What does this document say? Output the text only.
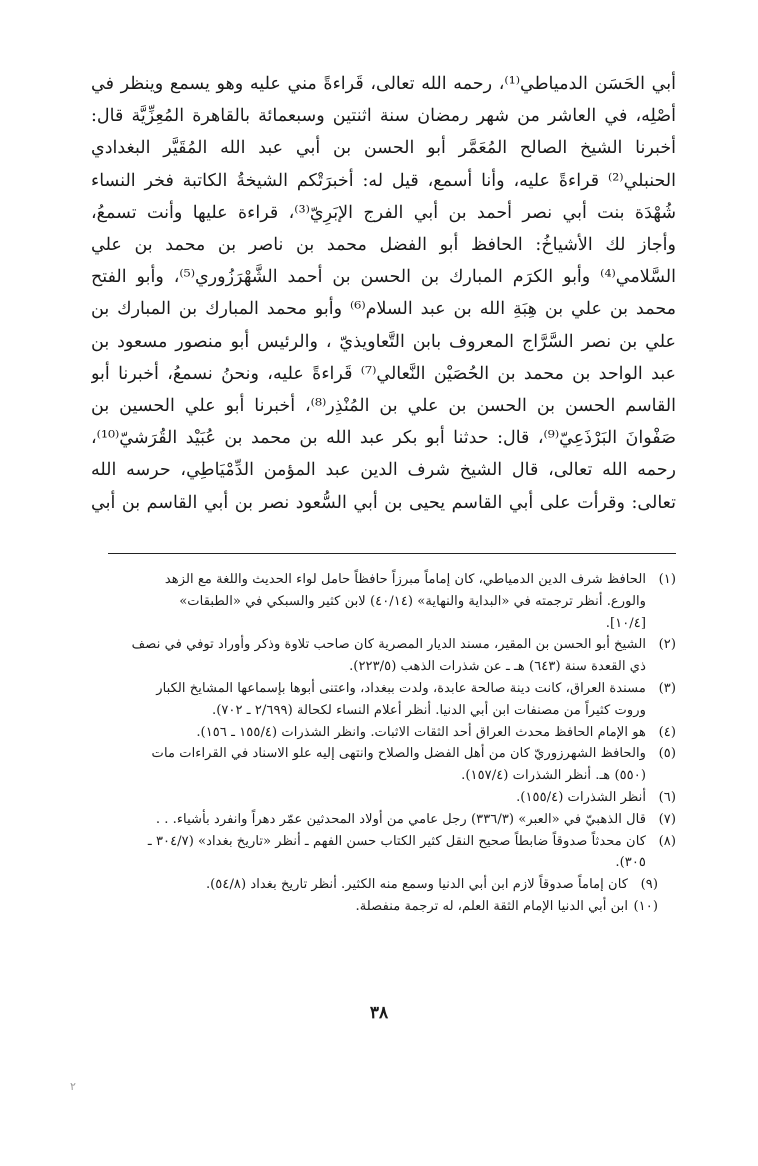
أبي الحَسَن الدمياطي⁽¹⁾، رحمه الله تعالى، قَراءةً مني عليه وهو يسمع وينظر في
أصْلِه، في العاشر من شهر رمضان سنة اثنتين وسبعمائة بالقاهرة المُعِزِّيَّة قال:
أخبرنا الشيخ الصالح المُعَمَّر أبو الحسن بن أبي عبد الله المُقَيَّر البغدادي
الحنبلي⁽²⁾ قراءةً عليه، وأنا أسمع، قيل له: أخبرَتْكم الشيخةُ الكاتبة فخر النساء
شُهْدَة بنت أبي نصر أحمد بن أبي الفرج الإبَرِيّ⁽³⁾، قراءة عليها وأنت تسمعُ،
وأجاز لك الأشياخُ: الحافظ أبو الفضل محمد بن ناصر بن محمد بن علي
السَّلامي⁽⁴⁾ وأبو الكرَم المبارك بن الحسن بن أحمد الشَّهْرَزُوري⁽⁵⁾، وأبو الفتح
محمد بن علي بن هِبَةِ الله بن عبد السلام⁽⁶⁾ وأبو محمد المبارك بن المبارك بن
علي بن نصر السَّرَّاج المعروف بابن التَّعاويذيّ ، والرئيس أبو منصور مسعود بن
عبد الواحد بن محمد بن الحُصَيْن النَّعالي⁽⁷⁾ قَراءةً عليه، ونحنُ نسمعُ، أخبرنا أبو
القاسم الحسن بن الحسن بن علي بن المُنْذِر⁽⁸⁾، أخبرنا أبو علي الحسين بن
صَفْوانَ البَرْذَعِيّ⁽⁹⁾، قال: حدثنا أبو بكر عبد الله بن محمد بن عُبَيْد القُرَشيّ⁽¹⁰⁾،
رحمه الله تعالى، قال الشيخ شرف الدين عبد المؤمن الدِّمْيَاطِي، حرسه الله
تعالى: وقرأت على أبي القاسم يحيى بن أبي السُّعود نصر بن أبي القاسم بن أبي
(١)
الحافظ شرف الدين الدمياطي، كان إماماً مبرزاً حافظاً حامل لواء الحديث واللغة مع الزهد
والورع. أنظر ترجمته في «البداية والنهاية» (٤٠/١٤) لابن كثير والسبكي في «الطبقات»
[١٠/٤].
(٢)
الشيخ أبو الحسن بن المقير، مسند الديار المصرية كان صاحب تلاوة وذكر وأوراد توفي في نصف
ذي القعدة سنة (٦٤٣) هـ ـ عن شذرات الذهب (٢٢٣/٥).
(٣)
مسندة العراق، كانت دينة صالحة عابدة، ولدت ببغداد، واعتنى أبوها بإسماعها المشايخ الكبار
وروت كثيراً من مصنفات ابن أبي الدنيا. أنظر أعلام النساء لكحالة (٢/٦٩٩ ـ ٧٠٢).
(٤)
هو الإمام الحافظ محدث العراق أحد الثقات الاثبات. وانظر الشذرات (١٥٥/٤ ـ ١٥٦).
(٥)
والحافظ الشهرزوريّ كان من أهل الفضل والصلاح وانتهى إليه علو الاسناد في القراءات مات
(٥٥٠) هـ. أنظر الشذرات (١٥٧/٤).
(٦)
أنظر الشذرات (١٥٥/٤).
(٧)
قال الذهبيّ في «العبر» (٣٣٦/٣) رجل عامي من أولاد المحدثين عمّر دهراً وانفرد بأشياء. . .
(٨)
كان محدثاً صدوقاً ضابطاً صحيح النقل كثير الكتاب حسن الفهم ـ أنظر «تاريخ بغداد» (٣٠٤/٧ ـ
٣٠٥).
(٩)
كان إماماً صدوقاً لازم ابن أبي الدنيا وسمع منه الكثير. أنظر تاريخ بغداد (٥٤/٨).
(١٠)
ابن أبي الدنيا الإمام الثقة العلم، له ترجمة منفصلة.
٣٨
٢
